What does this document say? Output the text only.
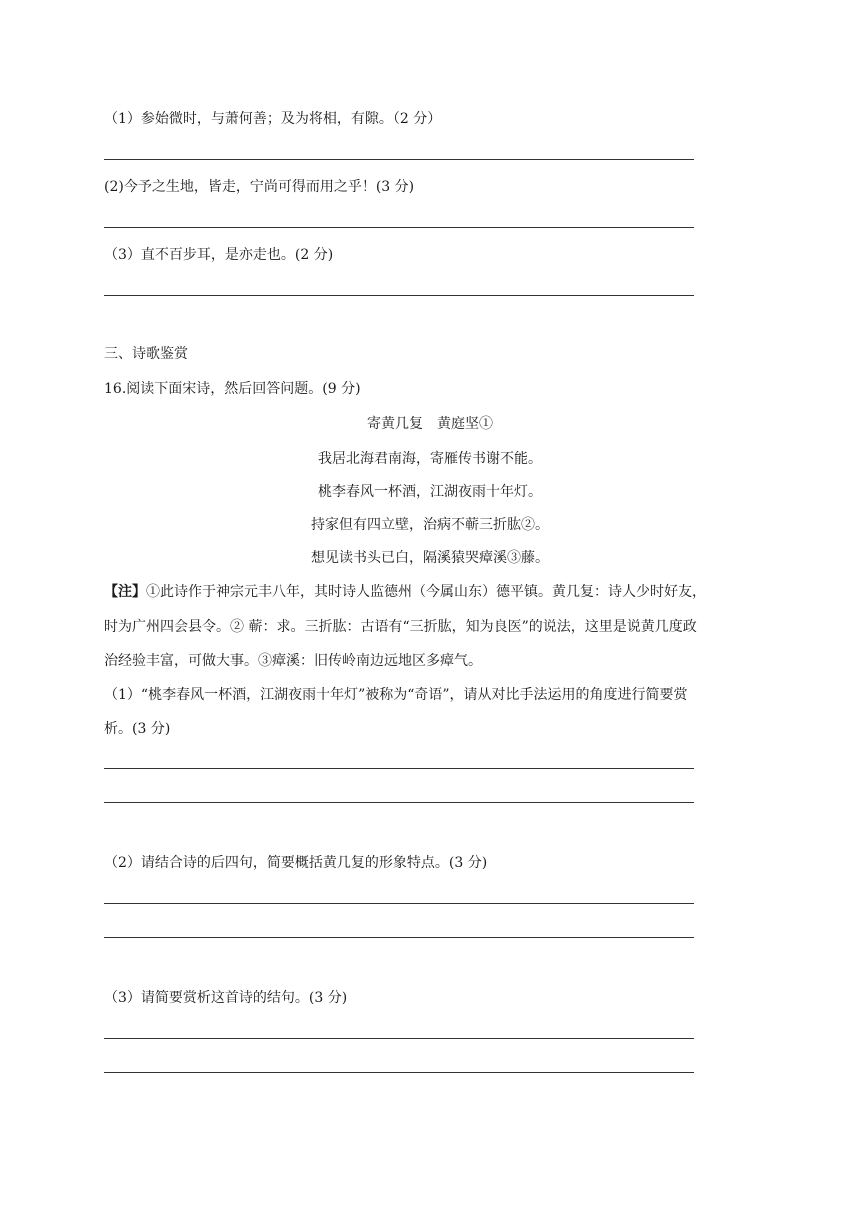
（1）参始微时，与萧何善；及为将相，有隙。（2 分）
(2)今予之生地，皆走，宁尚可得而用之乎！(3 分)
（3）直不百步耳，是亦走也。(2 分)
三、诗歌鉴赏
16.阅读下面宋诗，然后回答问题。(9 分)
寄黄几复　黄庭坚①
我居北海君南海，寄雁传书谢不能。
桃李春风一杯酒，江湖夜雨十年灯。
持家但有四立壁，治病不蕲三折肱②。
想见读书头已白，隔溪猿哭瘴溪③藤。
【注】①此诗作于神宗元丰八年，其时诗人监德州（今属山东）德平镇。黄几复：诗人少时好友，
时为广州四会县令。② 蕲：求。三折肱：古语有“三折肱，知为良医”的说法，这里是说黄几度政
治经验丰富，可做大事。③瘴溪：旧传岭南边远地区多瘴气。
（1）“桃李春风一杯酒，江湖夜雨十年灯”被称为“奇语”，请从对比手法运用的角度进行简要赏
析。(3 分)
（2）请结合诗的后四句，简要概括黄几复的形象特点。(3 分)
（3）请简要赏析这首诗的结句。(3 分)
